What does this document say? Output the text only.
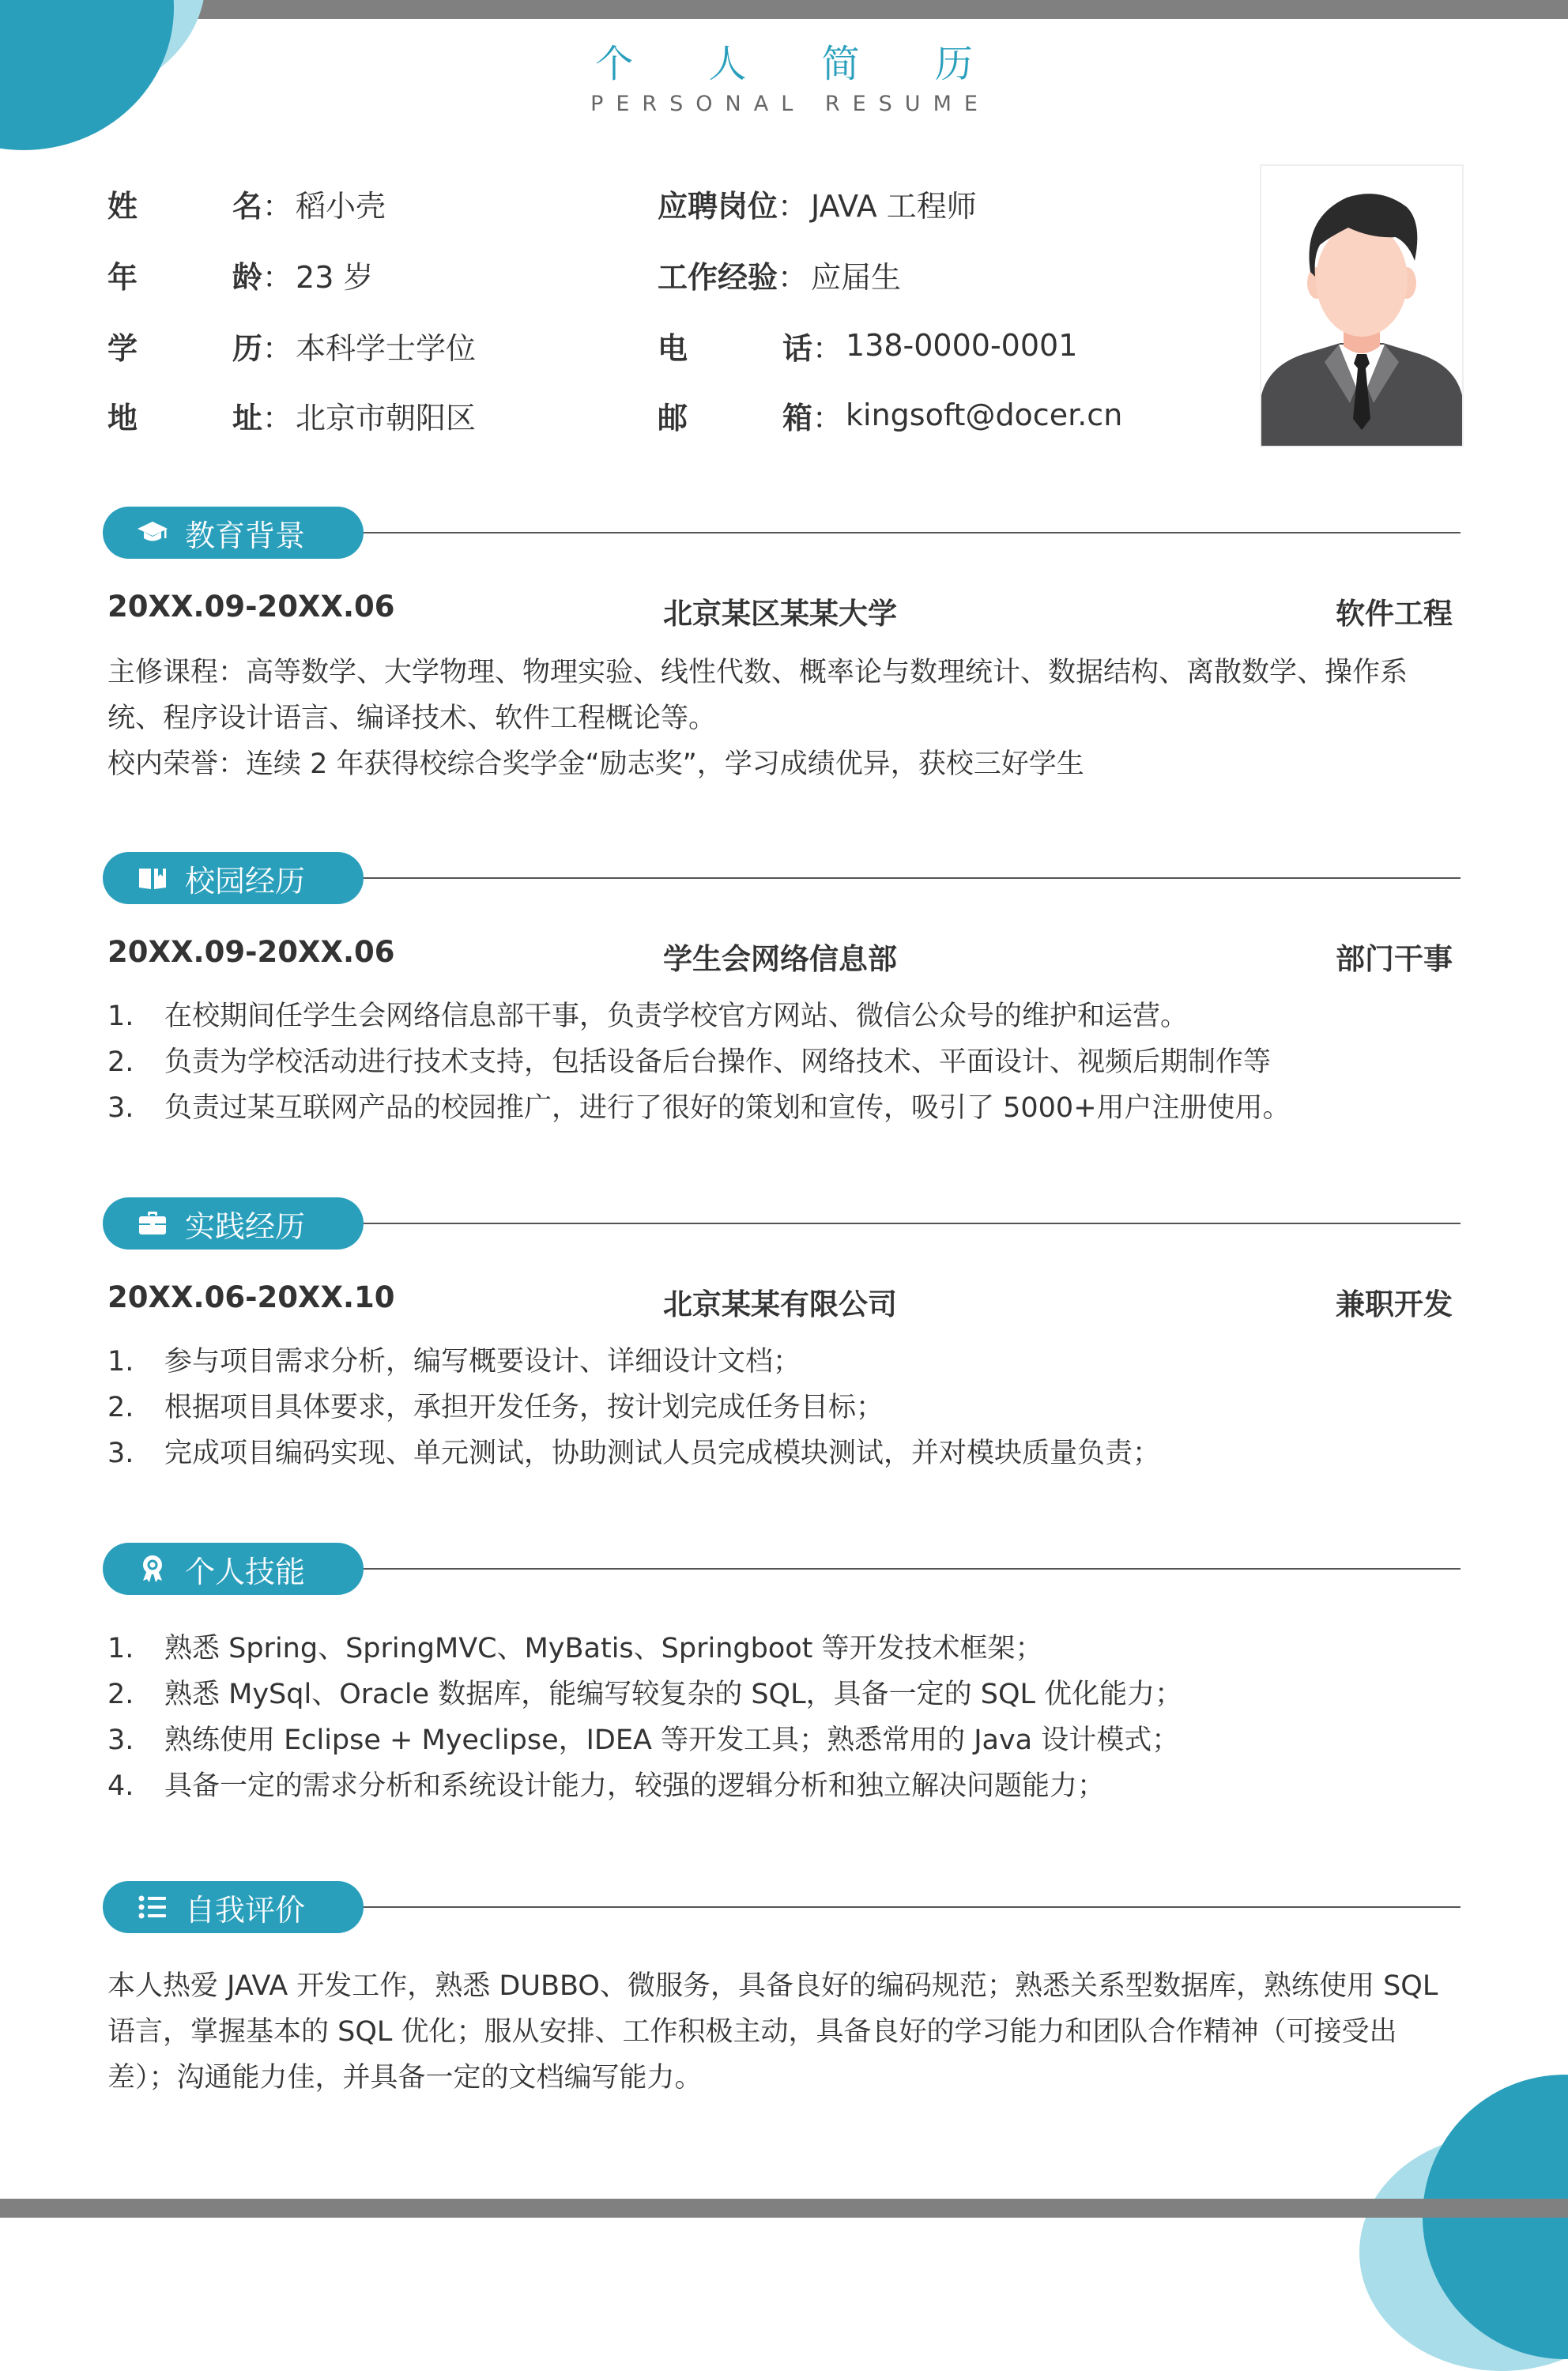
个 人 简 历
PERSONAL RESUME
姓	名 ： 稻小壳
年	龄 ： 23 岁
学	历 ： 本科学士学位
地	址 ： 北京市朝阳区
应聘岗位 ： JAVA 工程师
工作经验 ： 应届生
电	话 ： 138-0000-0001
邮	箱 ： kingsoft@docer.cn
教育背景
20XX.09-20XX.06	北京某区某某大学	软件工程
主修课程：高等数学、大学物理、物理实验、线性代数、概率论与数理统计、数据结构、离散数学、操作系
统、程序设计语言、编译技术、软件工程概论等。
校内荣誉：连续 2 年获得校综合奖学金“励志奖”，学习成绩优异，获校三好学生
校园经历
20XX.09-20XX.06	学生会网络信息部	部门干事
1.	在校期间任学生会网络信息部干事，负责学校官方网站、微信公众号的维护和运营。
2.	负责为学校活动进行技术支持，包括设备后台操作、网络技术、平面设计、视频后期制作等
3.	负责过某互联网产品的校园推广，进行了很好的策划和宣传，吸引了 5000+用户注册使用。
实践经历
20XX.06-20XX.10	北京某某有限公司	兼职开发
1.	参与项目需求分析，编写概要设计、详细设计文档；
2.	根据项目具体要求，承担开发任务，按计划完成任务目标；
3.	完成项目编码实现、单元测试，协助测试人员完成模块测试，并对模块质量负责；
个人技能
1.	熟悉 Spring、SpringMVC、MyBatis、Springboot 等开发技术框架；
2.	熟悉 MySql、Oracle 数据库，能编写较复杂的 SQL，具备一定的 SQL 优化能力；
3.	熟练使用 Eclipse + Myeclipse，IDEA 等开发工具；熟悉常用的 Java 设计模式；
4.	具备一定的需求分析和系统设计能力，较强的逻辑分析和独立解决问题能力；
自我评价
本人热爱 JAVA 开发工作，熟悉 DUBBO、微服务，具备良好的编码规范；熟悉关系型数据库，熟练使用 SQL
语言，掌握基本的 SQL 优化；服从安排、工作积极主动，具备良好的学习能力和团队合作精神（可接受出
差）；沟通能力佳，并具备一定的文档编写能力。
